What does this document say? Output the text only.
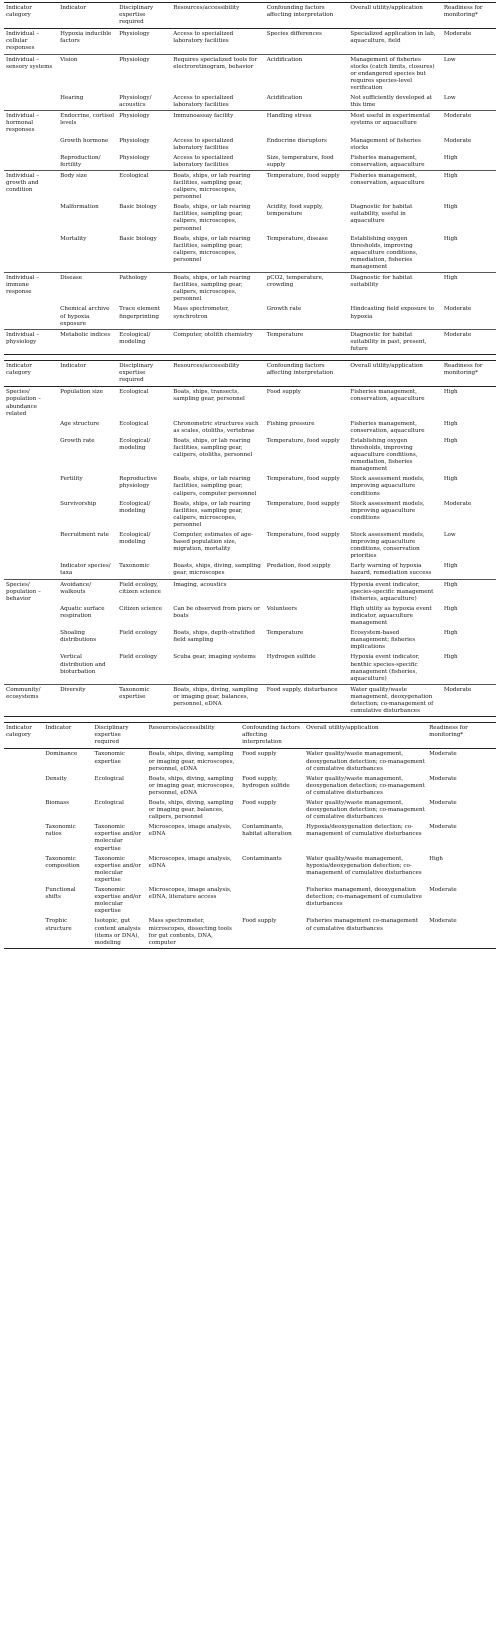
Indicator category	Indicator	Disciplinary expertise required	Resources/accessibility	Confounding factors affecting interpretation	Overall utility/application	Readiness for monitoring*
Individual – cellular responses	Hypoxia inducible factors	Physiology	Access to specialized laboratory facilities	Species differences	Specialized application in lab, aquaculture, field	Moderate
Individual – sensory systems	Vision	Physiology	Requires specialized tools for electroretinogram, behavior	Acidification	Management of fisheries stocks (catch limits, closures) or endangered species but requires species-level verification	Low
	Hearing	Physiology/ acoustics	Access to specialized laboratory facilities	Acidification	Not sufficiently developed at this time	Low
Individual – hormonal responses	Endocrine, cortisol levels	Physiology	Immunoassay facility	Handling stress	Most useful in experimental systems or aquaculture	Moderate
	Growth hormone	Physiology	Access to specialized laboratory facilities	Endocrine disruptors	Management of fisheries stocks	Moderate
	Reproduction/ fertility	Physiology	Access to specialized laboratory facilities	Size, temperature, food supply	Fisheries management, conservation, aquaculture	High
Individual – growth and condition	Body size	Ecological	Boats, ships, or lab rearing facilities, sampling gear, calipers, microscopes, personnel	Temperature, food supply	Fisheries management, conservation, aquaculture	High
	Malformation	Basic biology	Boats, ships, or lab rearing facilities, sampling gear, calipers, microscopes, personnel	Acidity, food supply, temperature	Diagnostic for habitat suitability, useful in aquaculture	High
	Mortality	Basic biology	Boats, ships, or lab rearing facilities, sampling gear, calipers, microscopes, personnel	Temperature, disease	Establishing oxygen thresholds, improving aquaculture conditions, remediation, fisheries management	High
Individual – immune response	Disease	Pathology	Boats, ships, or lab rearing facilities, sampling gear, calipers, microscopes, personnel	pCO2, temperature, crowding	Diagnostic for habitat suitability	High
	Chemical archive of hypoxia exposure	Trace element fingerprinting	Mass spectrometer, synchrotron	Growth rate	Hindcasting field exposure to hypoxia	Moderate
Individual – physiology	Metabolic indices	Ecological/ modeling	Computer, otolith chemistry	Temperature	Diagnostic for habitat suitability in past, present, future	Moderate
Indicator category	Indicator	Disciplinary expertise required	Resources/accessibility	Confounding factors affecting interpretation	Overall utility/application	Readiness for monitoring*
Species/ population – abundance related	Population size	Ecological	Boats, ships, transects, sampling gear, personnel	Food supply	Fisheries management, conservation, aquaculture	High
	Age structure	Ecological	Chronometric structures such as scales, otoliths, vertebrae	Fishing pressure	Fisheries management, conservation, aquaculture	High
	Growth rate	Ecological/ modeling	Boats, ships, or lab rearing facilities, sampling gear, calipers, otoliths, personnel	Temperature, food supply	Establishing oxygen thresholds, improving aquaculture conditions, remediation, fisheries management	High
	Fertility	Reproductive physiology	Boats, ships, or lab rearing facilities, sampling gear, calipers, computer personnel	Temperature, food supply	Stock assessment models, improving aquaculture conditions	High
	Survivorship	Ecological/ modeling	Boats, ships, or lab rearing facilities, sampling gear, calipers, microscopes, personnel	Temperature, food supply	Stock assessment models, improving aquaculture conditions	Moderate
	Recruitment rate	Ecological/ modeling	Computer, estimates of age-based population size, migration, mortality	Temperature, food supply	Stock assessment models, improving aquaculture conditions, conservation priorities	Low
	Indicator species/ taxa	Taxonomic	Boasts, ships, diving, sampling gear, microscopes	Predation, food supply	Early warning of hypoxia hazard, remediation success	High
Species/ population – behavior	Avoidance/ walkouts	Field ecology, citizen science	Imaging, acoustics		Hypoxia event indicator, species-specific management (fisheries, aquaculture)	High
	Aquatic surface respiration	Citizen science	Can be observed from piers or boats	Volunteers	High utility as hypoxia event indicator, aquaculture management	High
	Shoaling distributions	Field ecology	Boats, ships, depth-stratified field sampling	Temperature	Ecosystem-based management; fisheries implications	High
	Vertical distribution and bioturbation	Field ecology	Scuba gear, imaging systems	Hydrogen sulfide	Hypoxia event indicator, benthic species-specific management (fisheries, aquaculture)	High
Community/ ecosystems	Diversity	Taxonomic expertise	Boats, ships, diving, sampling or imaging gear, balances, personnel, eDNA	Food supply, disturbance	Water quality/waste management, deoxygenation detection; co-management of cumulative disturbances	Moderate
Indicator category	Indicator	Disciplinary expertise required	Resources/accessibility	Confounding factors affecting interpretation	Overall utility/application	Readiness for monitoring*
	Dominance	Taxonomic expertise	Boats, ships, diving, sampling or imaging gear, microscopes, personnel, eDNA	Food supply	Water quality/waste management, deoxygenation detection; co-management of cumulative disturbances	Moderate
	Density	Ecological	Boats, ships, diving, sampling or imaging gear, microscopes, personnel, eDNA	Food supply, hydrogen sulfide	Water quality/waste management, deoxygenation detection; co-management of cumulative disturbances	Moderate
	Biomass	Ecological	Boats, ships, diving, sampling or imaging gear, balances, calipers, personnel	Food supply	Water quality/waste management, deoxygenation detection; co-management of cumulative disturbances	Moderate
	Taxonomic ratios	Taxonomic expertise and/or molecular expertise	Microscopes, image analysis, eDNA	Contaminants, habitat alteration	Hypoxia/deoxygenation detection; co-management of cumulative disturbances	Moderate
	Taxonomic composition	Taxonomic expertise and/or molecular expertise	Microscopes, image analysis, eDNA	Contaminants	Water quality/waste management, hypoxia/deoxygenation detection; co-management of cumulative disturbances	High
	Functional shifts	Taxonomic expertise and/or molecular expertise	Microscopes, image analysis, eDNA, literature access		Fisheries management, deoxygenation detection; co-management of cumulative disturbances	Moderate
	Trophic structure	Isotopic, gut content analysis (items or DNA), modeling	Mass spectrometer, microscopes, dissecting tools for gut contents, DNA, computer	Food supply	Fisheries management co-management of cumulative disturbances	Moderate
